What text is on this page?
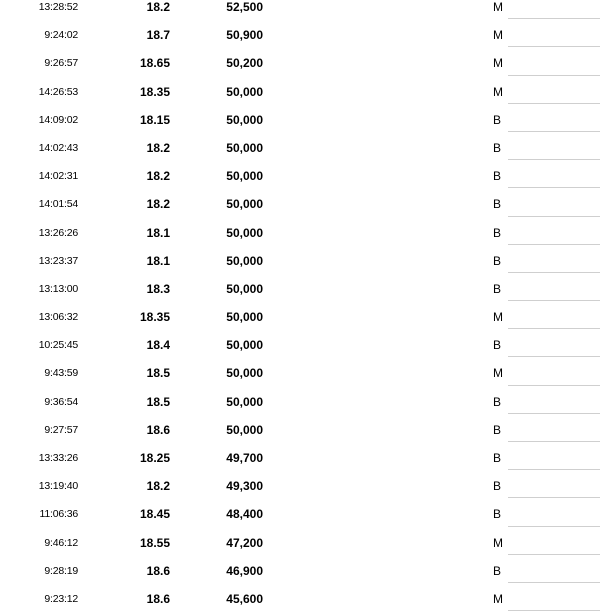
13:28:52	18.2	52,500	M
9:24:02	18.7	50,900	M
9:26:57	18.65	50,200	M
14:26:53	18.35	50,000	M
14:09:02	18.15	50,000	B
14:02:43	18.2	50,000	B
14:02:31	18.2	50,000	B
14:01:54	18.2	50,000	B
13:26:26	18.1	50,000	B
13:23:37	18.1	50,000	B
13:13:00	18.3	50,000	B
13:06:32	18.35	50,000	M
10:25:45	18.4	50,000	B
9:43:59	18.5	50,000	M
9:36:54	18.5	50,000	B
9:27:57	18.6	50,000	B
13:33:26	18.25	49,700	B
13:19:40	18.2	49,300	B
11:06:36	18.45	48,400	B
9:46:12	18.55	47,200	M
9:28:19	18.6	46,900	B
9:23:12	18.6	45,600	M
